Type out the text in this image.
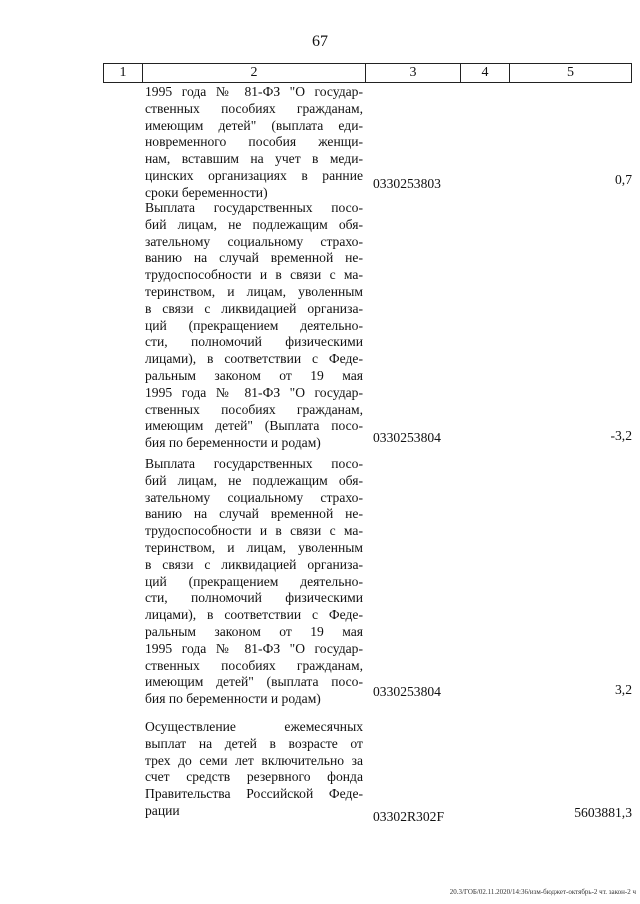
67
1	2	3	4	5
1995 года № 81-ФЗ "О государ-
ственных пособиях гражданам,
имеющим детей" (выплата еди-
новременного пособия женщи-
нам, вставшим на учет в меди-
цинских организациях в ранние
сроки беременности)
0330253803	0,7
Выплата государственных посо-
бий лицам, не подлежащим обя-
зательному социальному страхо-
ванию на случай временной не-
трудоспособности и в связи с ма-
теринством, и лицам, уволенным
в связи с ликвидацией организа-
ций (прекращением деятельно-
сти, полномочий физическими
лицами), в соответствии с Феде-
ральным законом от 19 мая
1995 года № 81-ФЗ "О государ-
ственных пособиях гражданам,
имеющим детей" (Выплата посо-
бия по беременности и родам)	0330253804	-3,2
Выплата государственных посо-
бий лицам, не подлежащим обя-
зательному социальному страхо-
ванию на случай временной не-
трудоспособности и в связи с ма-
теринством, и лицам, уволенным
в связи с ликвидацией организа-
ций (прекращением деятельно-
сти, полномочий физическими
лицами), в соответствии с Феде-
ральным законом от 19 мая
1995 года № 81-ФЗ "О государ-
ственных пособиях гражданам,
имеющим детей" (выплата посо-
бия по беременности и родам)	0330253804	3,2
Осуществление ежемесячных
выплат на детей в возрасте от
трех до семи лет включительно за
счет средств резервного фонда
Правительства Российской Феде-
рации	03302R302F	5603881,3
20.3/ГОБ/02.11.2020/14:36/изм-бюджет-октябрь-2 чт. закон-2 ч
